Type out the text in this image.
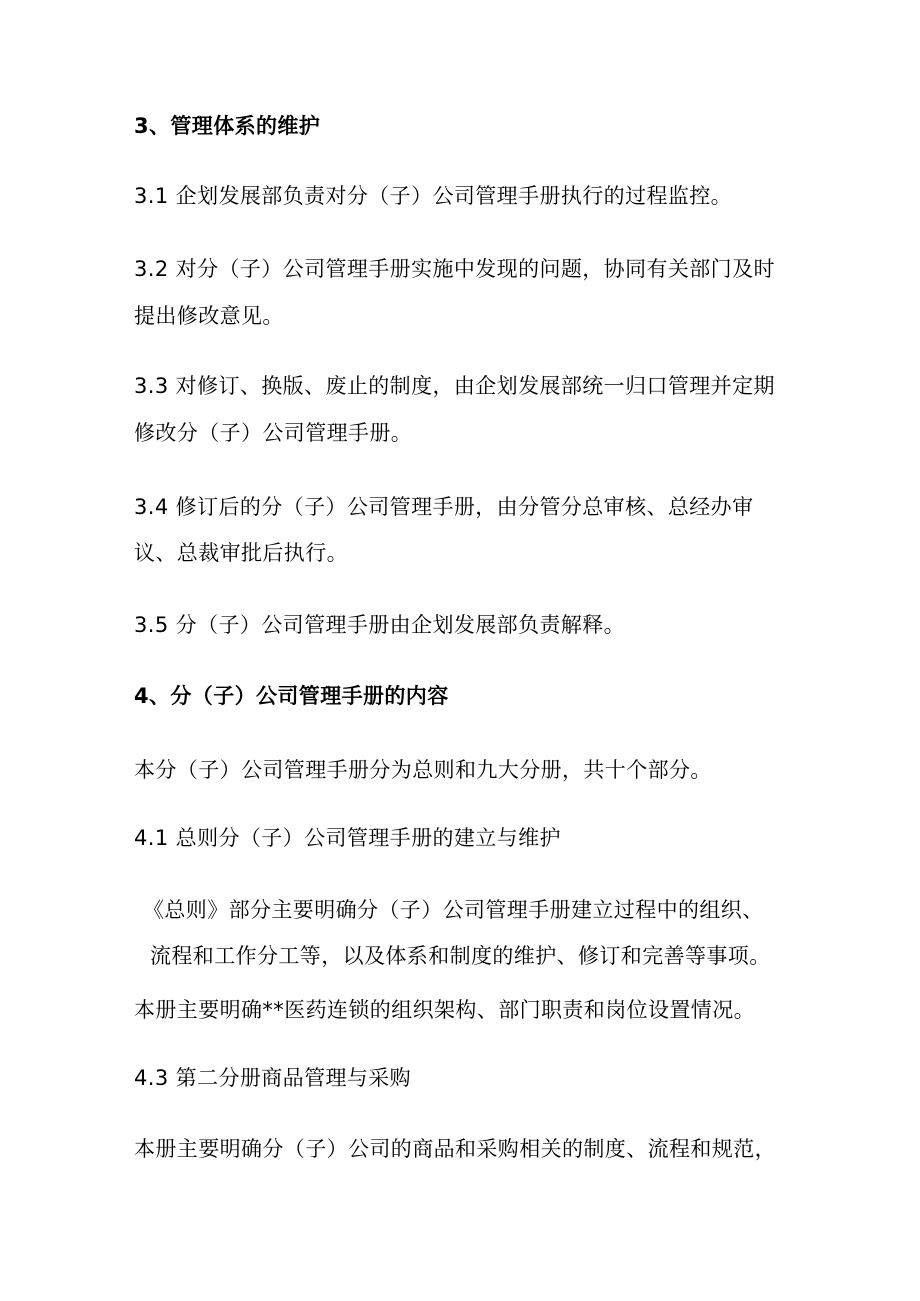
3、管理体系的维护
3.1 企划发展部负责对分（子）公司管理手册执行的过程监控。
3.2 对分（子）公司管理手册实施中发现的问题，协同有关部门及时
提出修改意见。
3.3 对修订、换版、废止的制度，由企划发展部统一归口管理并定期
修改分（子）公司管理手册。
3.4 修订后的分（子）公司管理手册，由分管分总审核、总经办审
议、总裁审批后执行。
3.5 分（子）公司管理手册由企划发展部负责解释。
4、分（子）公司管理手册的内容
本分（子）公司管理手册分为总则和九大分册，共十个部分。
4.1 总则分（子）公司管理手册的建立与维护
《总则》部分主要明确分（子）公司管理手册建立过程中的组织、
流程和工作分工等，以及体系和制度的维护、修订和完善等事项。
本册主要明确**医药连锁的组织架构、部门职责和岗位设置情况。
4.3 第二分册商品管理与采购
本册主要明确分（子）公司的商品和采购相关的制度、流程和规范，
